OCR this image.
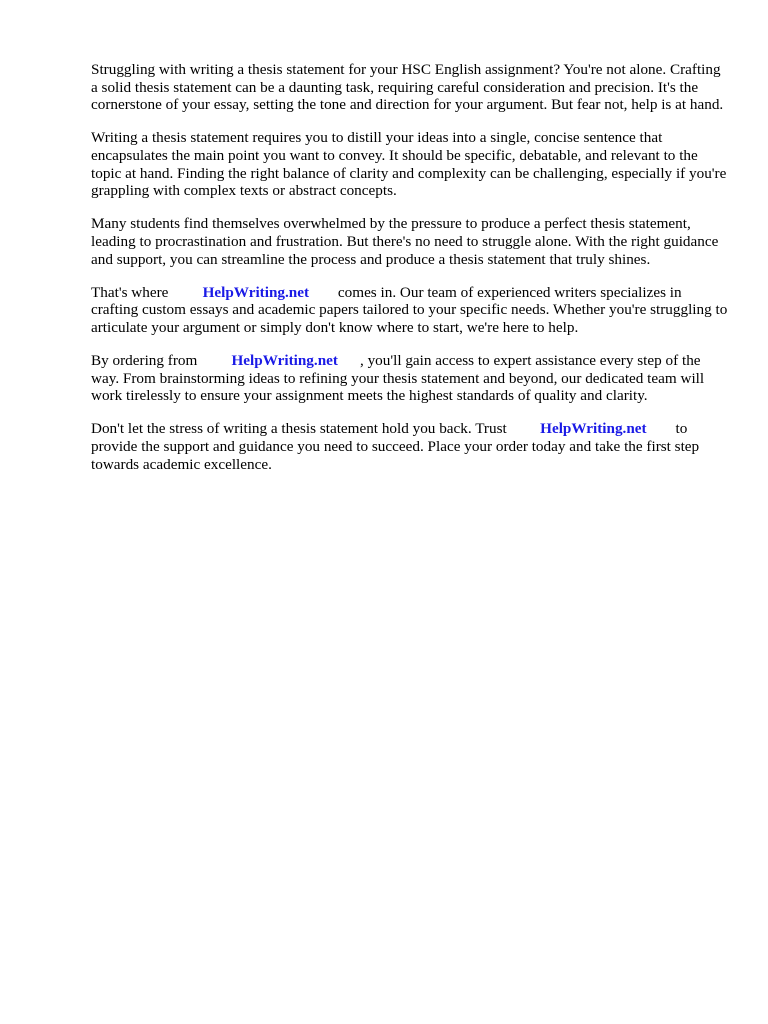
Struggling with writing a thesis statement for your HSC English assignment? You're not alone. Crafting a solid thesis statement can be a daunting task, requiring careful consideration and precision. It's the cornerstone of your essay, setting the tone and direction for your argument. But fear not, help is at hand.

Writing a thesis statement requires you to distill your ideas into a single, concise sentence that encapsulates the main point you want to convey. It should be specific, debatable, and relevant to the topic at hand. Finding the right balance of clarity and complexity can be challenging, especially if you're grappling with complex texts or abstract concepts.

Many students find themselves overwhelmed by the pressure to produce a perfect thesis statement, leading to procrastination and frustration. But there's no need to struggle alone. With the right guidance and support, you can streamline the process and produce a thesis statement that truly shines.

That's where HelpWriting.net comes in. Our team of experienced writers specializes in crafting custom essays and academic papers tailored to your specific needs. Whether you're struggling to articulate your argument or simply don't know where to start, we're here to help.

By ordering from HelpWriting.net , you'll gain access to expert assistance every step of the way. From brainstorming ideas to refining your thesis statement and beyond, our dedicated team will work tirelessly to ensure your assignment meets the highest standards of quality and clarity.

Don't let the stress of writing a thesis statement hold you back. Trust HelpWriting.net to provide the support and guidance you need to succeed. Place your order today and take the first step towards academic excellence.
